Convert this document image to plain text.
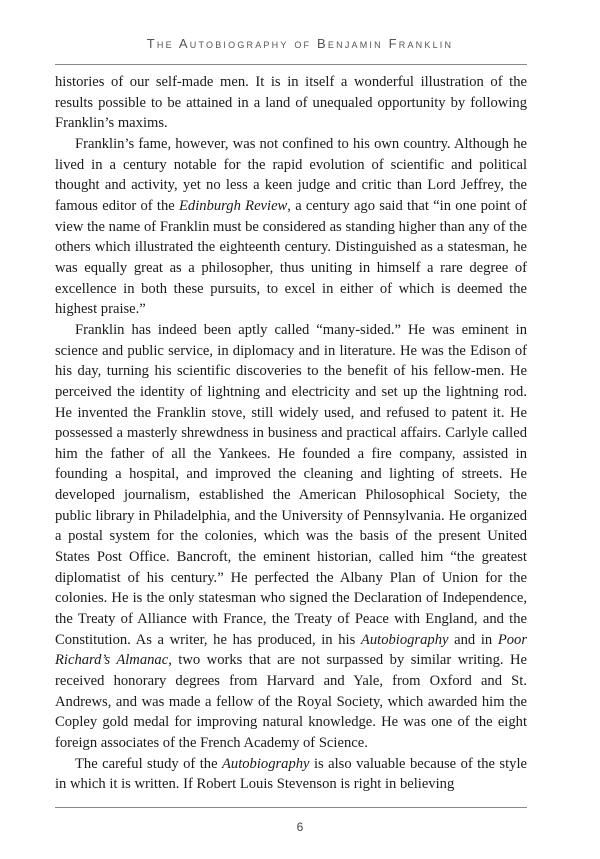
The Autobiography of Benjamin Franklin

histories of our self-made men. It is in itself a wonderful illustration of the results possible to be attained in a land of unequaled opportunity by following Franklin’s maxims.

Franklin’s fame, however, was not confined to his own country. Although he lived in a century notable for the rapid evolution of scientific and political thought and activity, yet no less a keen judge and critic than Lord Jeffrey, the famous editor of the Edinburgh Review, a century ago said that “in one point of view the name of Franklin must be considered as standing higher than any of the others which illustrated the eighteenth century. Distinguished as a statesman, he was equally great as a philosopher, thus uniting in himself a rare degree of excellence in both these pursuits, to excel in either of which is deemed the highest praise.”

Franklin has indeed been aptly called “many-sided.” He was eminent in science and public service, in diplomacy and in literature. He was the Edison of his day, turning his scientific discoveries to the benefit of his fellow-men. He perceived the identity of lightning and electricity and set up the lightning rod. He invented the Franklin stove, still widely used, and refused to patent it. He possessed a masterly shrewdness in business and practical affairs. Carlyle called him the father of all the Yankees. He founded a fire company, assisted in founding a hospital, and improved the cleaning and lighting of streets. He developed journalism, established the American Philosophical Society, the public library in Philadelphia, and the University of Pennsylvania. He organized a postal system for the colonies, which was the basis of the present United States Post Office. Bancroft, the eminent historian, called him “the greatest diplomatist of his century.” He perfected the Albany Plan of Union for the colonies. He is the only statesman who signed the Declaration of Independence, the Treaty of Alliance with France, the Treaty of Peace with England, and the Constitution. As a writer, he has produced, in his Autobiography and in Poor Richard’s Almanac, two works that are not surpassed by similar writing. He received honorary degrees from Harvard and Yale, from Oxford and St. Andrews, and was made a fellow of the Royal Society, which awarded him the Copley gold medal for improving natural knowledge. He was one of the eight foreign associates of the French Academy of Science.

The careful study of the Autobiography is also valuable because of the style in which it is written. If Robert Louis Stevenson is right in believing

6
